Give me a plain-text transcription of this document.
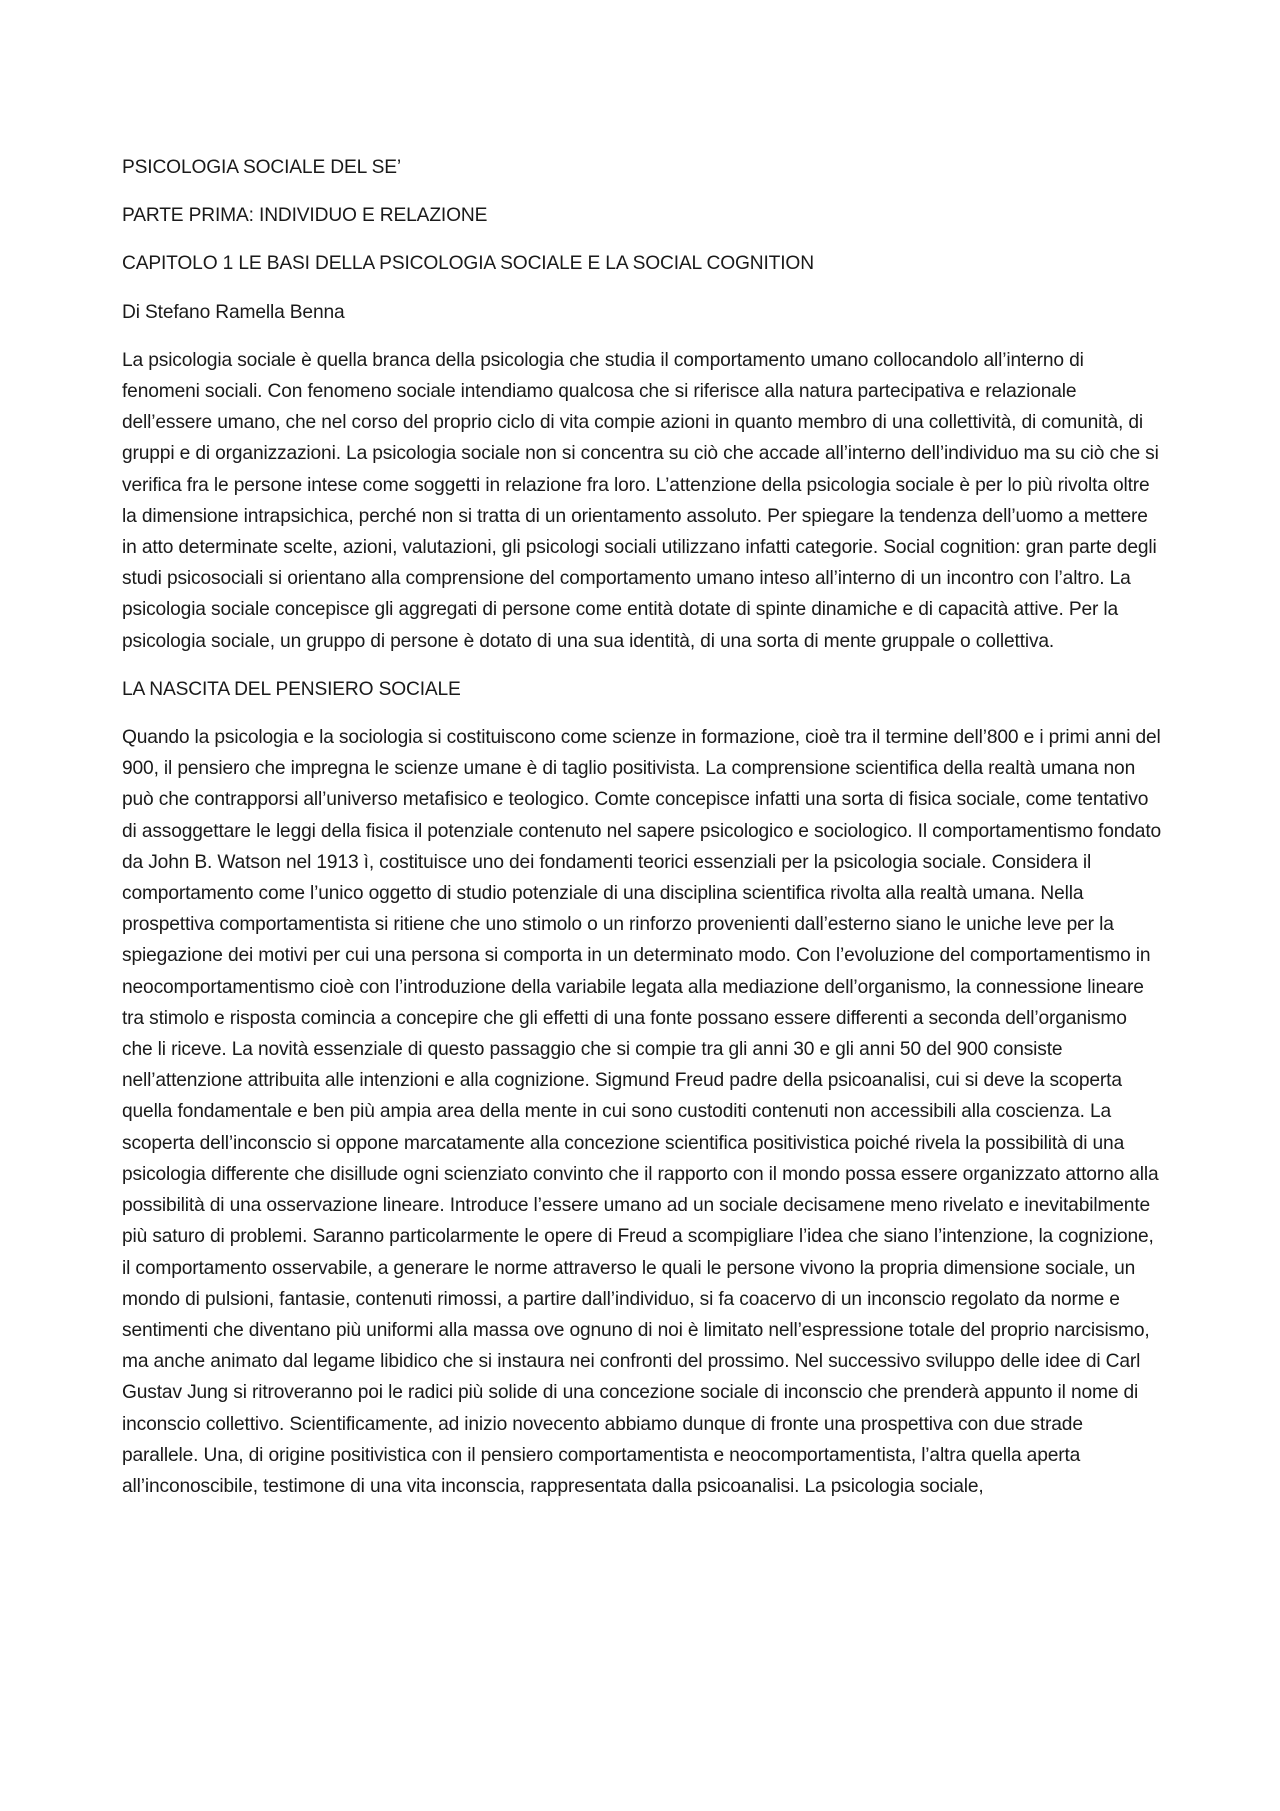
PSICOLOGIA SOCIALE DEL SE’

PARTE PRIMA: INDIVIDUO E RELAZIONE

CAPITOLO 1 LE BASI DELLA PSICOLOGIA SOCIALE E LA SOCIAL COGNITION

Di Stefano Ramella Benna

La psicologia sociale è quella branca della psicologia che studia il comportamento umano collocandolo all’interno di fenomeni sociali. Con fenomeno sociale intendiamo qualcosa che si riferisce alla natura partecipativa e relazionale dell’essere umano, che nel corso del proprio ciclo di vita compie azioni in quanto membro di una collettività, di comunità, di gruppi e di organizzazioni. La psicologia sociale non si concentra su ciò che accade all’interno dell’individuo ma su ciò che si verifica fra le persone intese come soggetti in relazione fra loro. L’attenzione della psicologia sociale è per lo più rivolta oltre la dimensione intrapsichica, perché non si tratta di un orientamento assoluto. Per spiegare la tendenza dell’uomo a mettere in atto determinate scelte, azioni, valutazioni, gli psicologi sociali utilizzano infatti categorie. Social cognition: gran parte degli studi psicosociali si orientano alla comprensione del comportamento umano inteso all’interno di un incontro con l’altro. La psicologia sociale concepisce gli aggregati di persone come entità dotate di spinte dinamiche e di capacità attive. Per la psicologia sociale, un gruppo di persone è dotato di una sua identità, di una sorta di mente gruppale o collettiva.

LA NASCITA DEL PENSIERO SOCIALE

Quando la psicologia e la sociologia si costituiscono come scienze in formazione, cioè tra il termine dell’800 e i primi anni del 900, il pensiero che impregna le scienze umane è di taglio positivista. La comprensione scientifica della realtà umana non può che contrapporsi all’universo metafisico e teologico. Comte concepisce infatti una sorta di fisica sociale, come tentativo di assoggettare le leggi della fisica il potenziale contenuto nel sapere psicologico e sociologico. Il comportamentismo fondato da John B. Watson nel 1913 ì, costituisce uno dei fondamenti teorici essenziali per la psicologia sociale. Considera il comportamento come l’unico oggetto di studio potenziale di una disciplina scientifica rivolta alla realtà umana. Nella prospettiva comportamentista si ritiene che uno stimolo o un rinforzo provenienti dall’esterno siano le uniche leve per la spiegazione dei motivi per cui una persona si comporta in un determinato modo. Con l’evoluzione del comportamentismo in neocomportamentismo cioè con l’introduzione della variabile legata alla mediazione dell’organismo, la connessione lineare tra stimolo e risposta comincia a concepire che gli effetti di una fonte possano essere differenti a seconda dell’organismo che li riceve. La novità essenziale di questo passaggio che si compie tra gli anni 30 e gli anni 50 del 900 consiste nell’attenzione attribuita alle intenzioni e alla cognizione. Sigmund Freud padre della psicoanalisi, cui si deve la scoperta quella fondamentale e ben più ampia area della mente in cui sono custoditi contenuti non accessibili alla coscienza. La scoperta dell’inconscio si oppone marcatamente alla concezione scientifica positivistica poiché rivela la possibilità di una psicologia differente che disillude ogni scienziato convinto che il rapporto con il mondo possa essere organizzato attorno alla possibilità di una osservazione lineare. Introduce l’essere umano ad un sociale decisamene meno rivelato e inevitabilmente più saturo di problemi. Saranno particolarmente le opere di Freud a scompigliare l’idea che siano l’intenzione, la cognizione, il comportamento osservabile, a generare le norme attraverso le quali le persone vivono la propria dimensione sociale, un mondo di pulsioni, fantasie, contenuti rimossi, a partire dall’individuo, si fa coacervo di un inconscio regolato da norme e sentimenti che diventano più uniformi alla massa ove ognuno di noi è limitato nell’espressione totale del proprio narcisismo, ma anche animato dal legame libidico che si instaura nei confronti del prossimo. Nel successivo sviluppo delle idee di Carl Gustav Jung si ritroveranno poi le radici più solide di una concezione sociale di inconscio che prenderà appunto il nome di inconscio collettivo. Scientificamente, ad inizio novecento abbiamo dunque di fronte una prospettiva con due strade parallele. Una, di origine positivistica con il pensiero comportamentista e neocomportamentista, l’altra quella aperta all’inconoscibile, testimone di una vita inconscia, rappresentata dalla psicoanalisi. La psicologia sociale,
